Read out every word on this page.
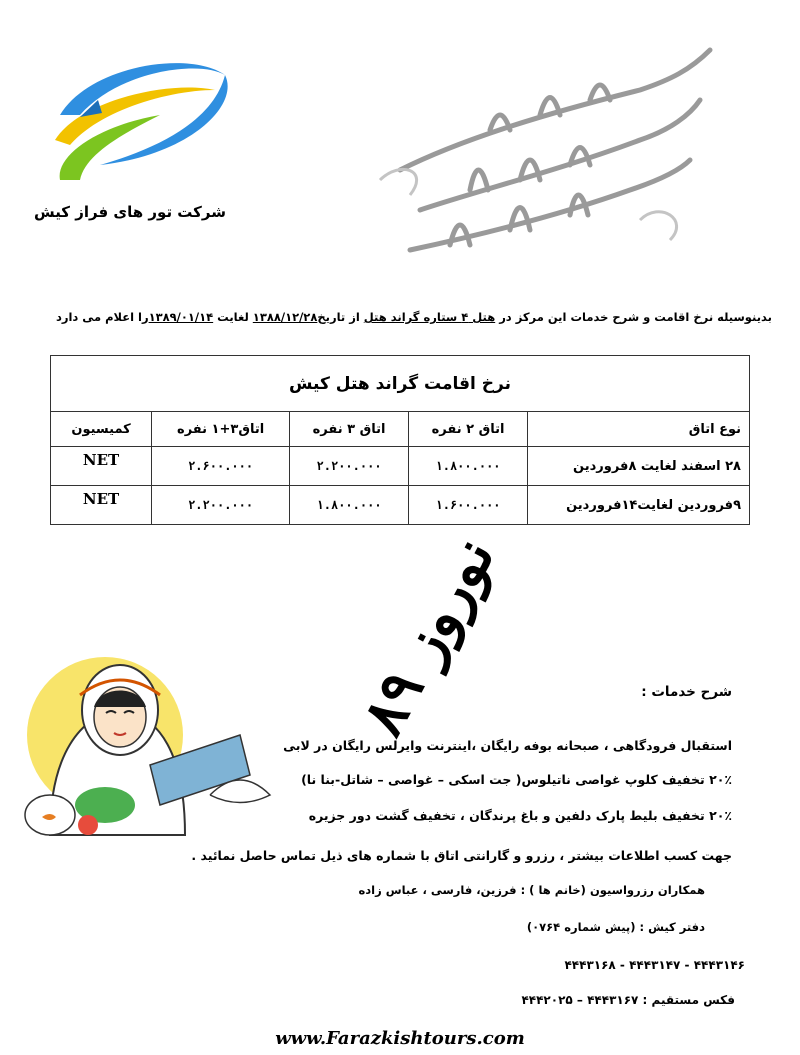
شرکت تور های فراز کیش
بدینوسیله نرخ اقامت و شرح خدمات این مرکز در هتل ۴ ستاره گراند هتل از تاریخ۱۳۸۸/۱۲/۲۸ لغایت ۱۳۸۹/۰۱/۱۴را اعلام می دارد
نرخ اقامت گراند هتل کیش				
نوع اتاق	اتاق ۲ نفره	اتاق ۳ نفره	اتاق۳+۱ نفره	کمیسیون
۲۸ اسفند لغایت ۸فروردین	۱.۸۰۰.۰۰۰	۲.۲۰۰.۰۰۰	۲.۶۰۰.۰۰۰	NET
۹فروردین لغایت۱۴فروردین	۱.۶۰۰.۰۰۰	۱.۸۰۰.۰۰۰	۲.۲۰۰.۰۰۰	NET
نوروز ۸۹
شرح خدمات :
استقبال فرودگاهی ، صبحانه بوفه رایگان ،اینترنت وایرلس رایگان در لابی
۲۰٪ تخفیف کلوپ غواصی ناتیلوس( جت اسکی – غواصی – شاتل-بنا نا)
۲۰٪ تخفیف بلیط پارک دلفین و باغ پرندگان ، تخفیف گشت دور جزیره
جهت کسب اطلاعات بیشتر ، رزرو و گارانتی اتاق با شماره های ذیل تماس حاصل نمائید .
همکاران رزرواسیون (خانم ها ) : فرزین، فارسی ، عباس زاده
دفتر کیش : (پیش شماره ۰۷۶۴)
۴۴۴۳۱۴۶ - ۴۴۴۳۱۴۷ - ۴۴۴۳۱۶۸
فکس مستقیم : ۴۴۴۳۱۶۷ – ۴۴۴۲۰۲۵
www.Farazkishtours.com
